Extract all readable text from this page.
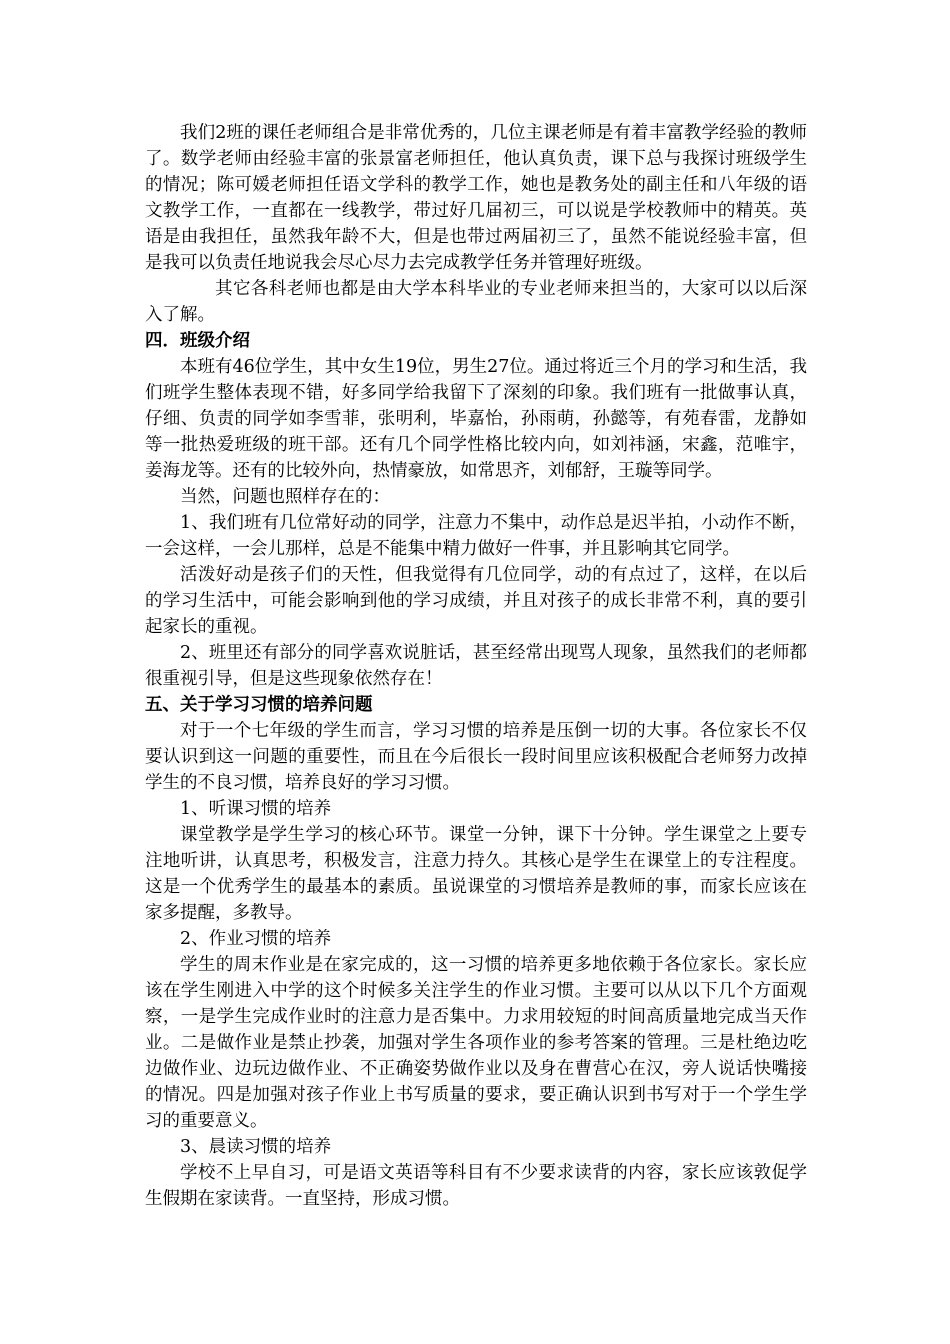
我们2班的课任老师组合是非常优秀的，几位主课老师是有着丰富教学经验的教师了。数学老师由经验丰富的张景富老师担任，他认真负责，课下总与我探讨班级学生的情况；陈可媛老师担任语文学科的教学工作，她也是教务处的副主任和八年级的语文教学工作，一直都在一线教学，带过好几届初三，可以说是学校教师中的精英。英语是由我担任，虽然我年龄不大，但是也带过两届初三了，虽然不能说经验丰富，但是我可以负责任地说我会尽心尽力去完成教学任务并管理好班级。

其它各科老师也都是由大学本科毕业的专业老师来担当的，大家可以以后深入了解。

四．班级介绍

本班有46位学生，其中女生19位，男生27位。通过将近三个月的学习和生活，我们班学生整体表现不错，好多同学给我留下了深刻的印象。我们班有一批做事认真，仔细、负责的同学如李雪菲，张明利，毕嘉怡，孙雨萌，孙懿等，有苑春雷，龙静如等一批热爱班级的班干部。还有几个同学性格比较内向，如刘祎涵，宋鑫，范唯宇，姜海龙等。还有的比较外向，热情豪放，如常思齐，刘郁舒，王璇等同学。

当然，问题也照样存在的：

1、我们班有几位常好动的同学，注意力不集中，动作总是迟半拍，小动作不断，一会这样，一会儿那样，总是不能集中精力做好一件事，并且影响其它同学。

活泼好动是孩子们的天性，但我觉得有几位同学，动的有点过了，这样，在以后的学习生活中，可能会影响到他的学习成绩，并且对孩子的成长非常不利，真的要引起家长的重视。

2、班里还有部分的同学喜欢说脏话，甚至经常出现骂人现象，虽然我们的老师都很重视引导，但是这些现象依然存在！

五、关于学习习惯的培养问题

对于一个七年级的学生而言，学习习惯的培养是压倒一切的大事。各位家长不仅要认识到这一问题的重要性，而且在今后很长一段时间里应该积极配合老师努力改掉学生的不良习惯，培养良好的学习习惯。

1、听课习惯的培养

课堂教学是学生学习的核心环节。课堂一分钟，课下十分钟。学生课堂之上要专注地听讲，认真思考，积极发言，注意力持久。其核心是学生在课堂上的专注程度。这是一个优秀学生的最基本的素质。虽说课堂的习惯培养是教师的事，而家长应该在家多提醒，多教导。

2、作业习惯的培养

学生的周末作业是在家完成的，这一习惯的培养更多地依赖于各位家长。家长应该在学生刚进入中学的这个时候多关注学生的作业习惯。主要可以从以下几个方面观察，一是学生完成作业时的注意力是否集中。力求用较短的时间高质量地完成当天作业。二是做作业是禁止抄袭，加强对学生各项作业的参考答案的管理。三是杜绝边吃边做作业、边玩边做作业、不正确姿势做作业以及身在曹营心在汉，旁人说话快嘴接的情况。四是加强对孩子作业上书写质量的要求，要正确认识到书写对于一个学生学习的重要意义。

3、晨读习惯的培养

学校不上早自习，可是语文英语等科目有不少要求读背的内容，家长应该敦促学生假期在家读背。一直坚持，形成习惯。
